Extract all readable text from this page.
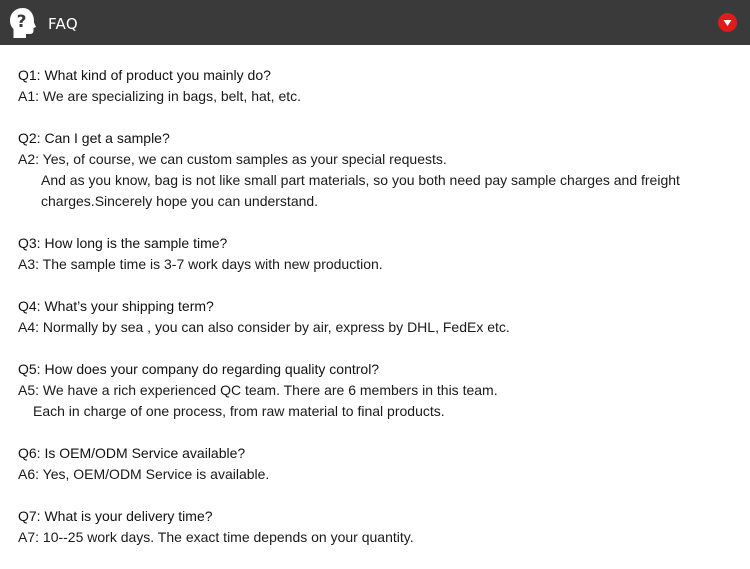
? FAQ
Q1: What kind of product you mainly do?
A1: We are specializing in bags, belt, hat, etc.
Q2: Can I get a sample?
A2: Yes, of course, we can custom samples as your special requests.
And as you know, bag is not like small part materials, so you both need pay sample charges and freight
charges.Sincerely hope you can understand.
Q3: How long is the sample time?
A3: The sample time is 3-7 work days with new production.
Q4: What’s your shipping term?
A4: Normally by sea , you can also consider by air, express by DHL, FedEx etc.
Q5: How does your company do regarding quality control?
A5: We have a rich experienced QC team. There are 6 members in this team.
Each in charge of one process, from raw material to final products.
Q6: Is OEM/ODM Service available?
A6: Yes, OEM/ODM Service is available.
Q7: What is your delivery time?
A7: 10--25 work days. The exact time depends on your quantity.
